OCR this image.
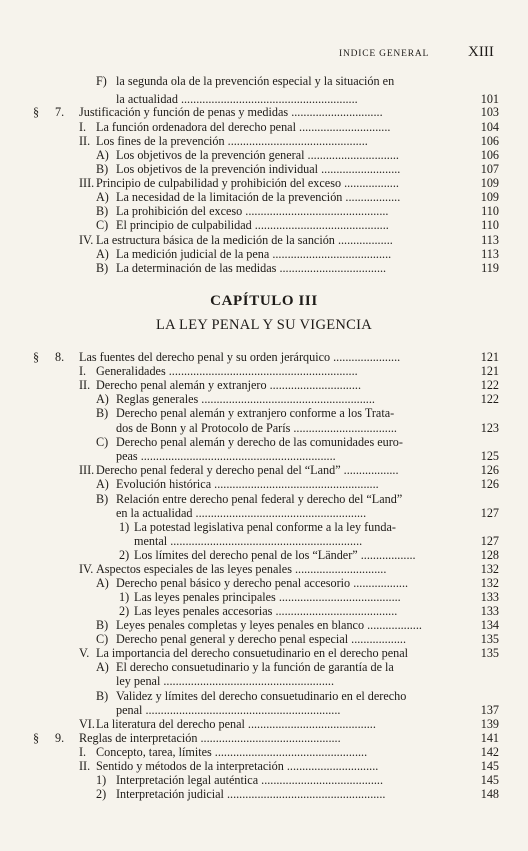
INDICE GENERAL	XIII
CAPÍTULO III
LA LEY PENAL Y SU VIGENCIA
F) la segunda ola de la prevención especial y la situación en
la actualidad ..........................................................	101
§ 7. Justificación y función de penas y medidas ..............................	103
I. La función ordenadora del derecho penal ..............................	104
II. Los fines de la prevención ..............................................	106
A) Los objetivos de la prevención general ..............................	106
B) Los objetivos de la prevención individual ..........................	107
III. Principio de culpabilidad y prohibición del exceso ..................	109
A) La necesidad de la limitación de la prevención ..................	109
B) La prohibición del exceso ...............................................	110
C) El principio de culpabilidad ............................................	110
IV. La estructura básica de la medición de la sanción ..................	113
A) La medición judicial de la pena .......................................	113
B) La determinación de las medidas ...................................	119
§ 8. Las fuentes del derecho penal y su orden jerárquico ......................	121
I. Generalidades ..............................................................	121
II. Derecho penal alemán y extranjero ..............................	122
A) Reglas generales .........................................................	122
B) Derecho penal alemán y extranjero conforme a los Trata-
dos de Bonn y al Protocolo de París ..................................	123
C) Derecho penal alemán y derecho de las comunidades euro-
peas ................................................................	125
III. Derecho penal federal y derecho penal del “Land” ..................	126
A) Evolución histórica ......................................................	126
B) Relación entre derecho penal federal y derecho del “Land”
en la actualidad ........................................................	127
1) La potestad legislativa penal conforme a la ley funda-
mental ...............................................................	127
2) Los límites del derecho penal de los “Länder” ..................	128
IV. Aspectos especiales de las leyes penales ..............................	132
A) Derecho penal básico y derecho penal accesorio ..................	132
1) Las leyes penales principales ........................................	133
2) Las leyes penales accesorias ........................................	133
B) Leyes penales completas y leyes penales en blanco ..................	134
C) Derecho penal general y derecho penal especial ..................	135
V. La importancia del derecho consuetudinario en el derecho penal	135
A) El derecho consuetudinario y la función de garantía de la
ley penal ........................................................
B) Validez y límites del derecho consuetudinario en el derecho
penal ................................................................	137
VI. La literatura del derecho penal ..........................................	139
§ 9. Reglas de interpretación ..............................................	141
I. Concepto, tarea, límites ..................................................	142
II. Sentido y métodos de la interpretación ..............................	145
1) Interpretación legal auténtica ........................................	145
2) Interpretación judicial ....................................................	148
